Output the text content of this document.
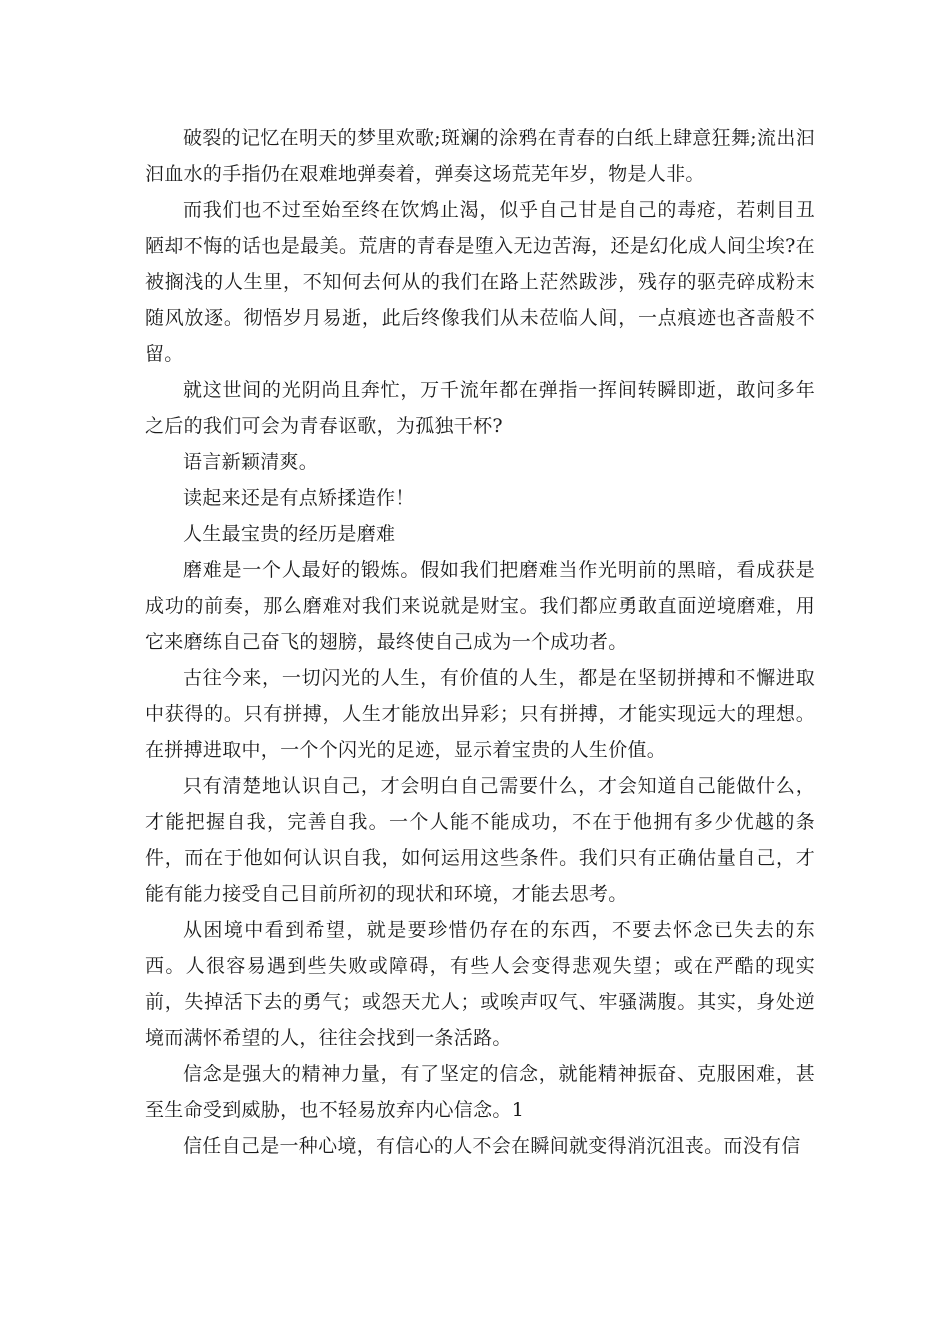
破裂的记忆在明天的梦里欢歌;斑斓的涂鸦在青春的白纸上肆意狂舞;流出汩汩血水的手指仍在艰难地弹奏着，弹奏这场荒芜年岁，物是人非。

而我们也不过至始至终在饮鸩止渴，似乎自己甘是自己的毒疮，若刺目丑陋却不悔的话也是最美。荒唐的青春是堕入无边苦海，还是幻化成人间尘埃?在被搁浅的人生里，不知何去何从的我们在路上茫然跋涉，残存的驱壳碎成粉末随风放逐。彻悟岁月易逝，此后终像我们从未莅临人间，一点痕迹也吝啬般不留。

就这世间的光阴尚且奔忙，万千流年都在弹指一挥间转瞬即逝，敢问多年之后的我们可会为青春讴歌，为孤独干杯?

语言新颖清爽。

读起来还是有点矫揉造作！

人生最宝贵的经历是磨难

磨难是一个人最好的锻炼。假如我们把磨难当作光明前的黑暗，看成获是成功的前奏，那么磨难对我们来说就是财宝。我们都应勇敢直面逆境磨难，用它来磨练自己奋飞的翅膀，最终使自己成为一个成功者。

古往今来，一切闪光的人生，有价值的人生，都是在坚韧拼搏和不懈进取中获得的。只有拼搏，人生才能放出异彩；只有拼搏，才能实现远大的理想。在拼搏进取中，一个个闪光的足迹，显示着宝贵的人生价值。

只有清楚地认识自己，才会明白自己需要什么，才会知道自己能做什么，才能把握自我，完善自我。一个人能不能成功，不在于他拥有多少优越的条件，而在于他如何认识自我，如何运用这些条件。我们只有正确估量自己，才能有能力接受自己目前所初的现状和环境，才能去思考。

从困境中看到希望，就是要珍惜仍存在的东西，不要去怀念已失去的东西。人很容易遇到些失败或障碍，有些人会变得悲观失望；或在严酷的现实前，失掉活下去的勇气；或怨天尤人；或唉声叹气、牢骚满腹。其实，身处逆境而满怀希望的人，往往会找到一条活路。

信念是强大的精神力量，有了坚定的信念，就能精神振奋、克服困难，甚至生命受到威胁，也不轻易放弃内心信念。1

信任自己是一种心境，有信心的人不会在瞬间就变得消沉沮丧。而没有信
